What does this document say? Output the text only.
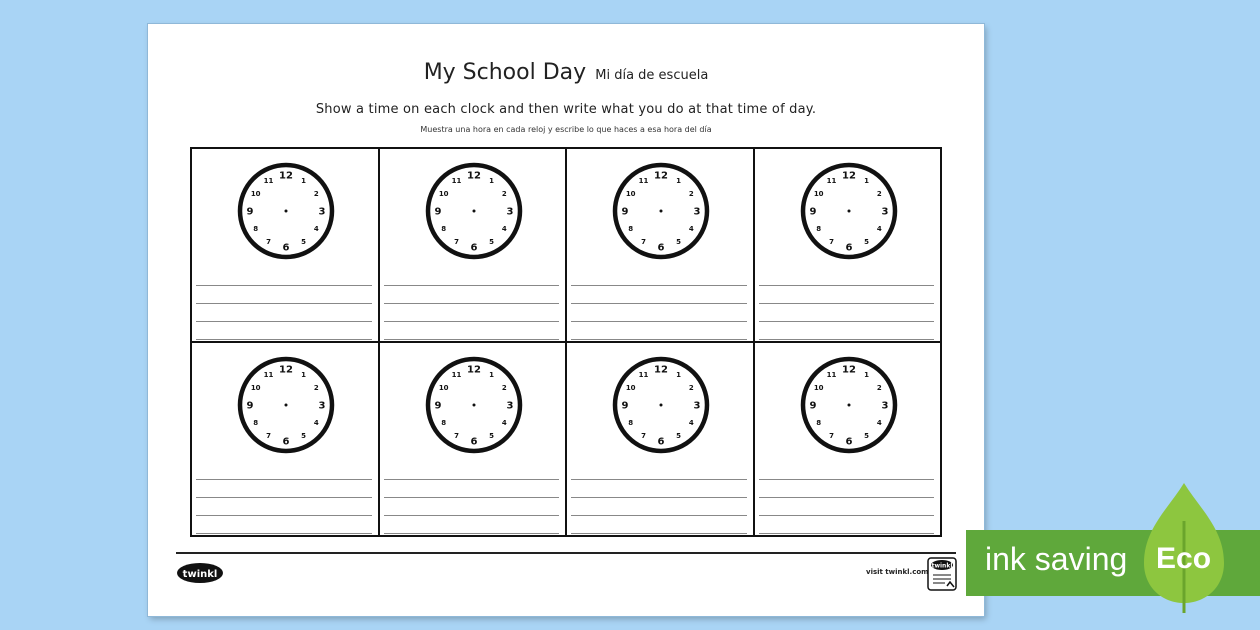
My School Day Mi día de escuela
Show a time on each clock and then write what you do at that time of day.
Muestra una hora en cada reloj y escribe lo que haces a esa hora del día
12 1
2
3
4
5
6
7
8
9
10
11	12 1
2
3
4
5
6
7
8
9
10
11	12 1
2
3
4
5
6
7
8
9
10
11	12 1
2
3
4
5
6
7
8
9
10
11
12 1
2
3
4
5
6
7
8
9
10
11	12 1
2
3
4
5
6
7
8
9
10
11	12 1
2
3
4
5
6
7
8
9
10
11	12 1
2
3
4
5
6
7
8
9
10
11
twinkl	visit twinkl.com
twinkl ink saving Eco
